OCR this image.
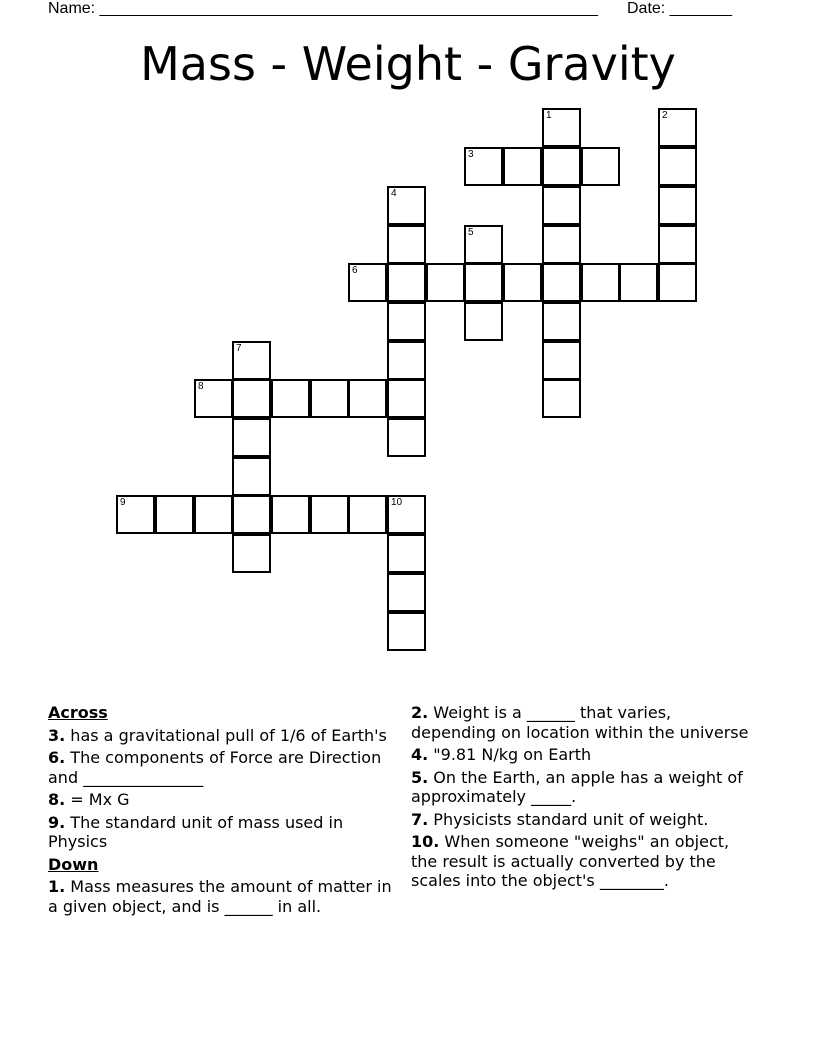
Name: ________________________________________________________ Date: _______
Mass - Weight - Gravity
1	2
3
4
5
6
7
8
9	10
Across
3. has a gravitational pull of 1/6 of Earth's
6. The components of Force are Direction and _______________
8. = Mx G
9. The standard unit of mass used in Physics
Down
1. Mass measures the amount of matter in a given object, and is ______ in all.
2. Weight is a ______ that varies, depending on location within the universe
4. "9.81 N/kg on Earth
5. On the Earth, an apple has a weight of approximately _____.
7. Physicists standard unit of weight.
10. When someone "weighs" an object, the result is actually converted by the scales into the object's ________.
